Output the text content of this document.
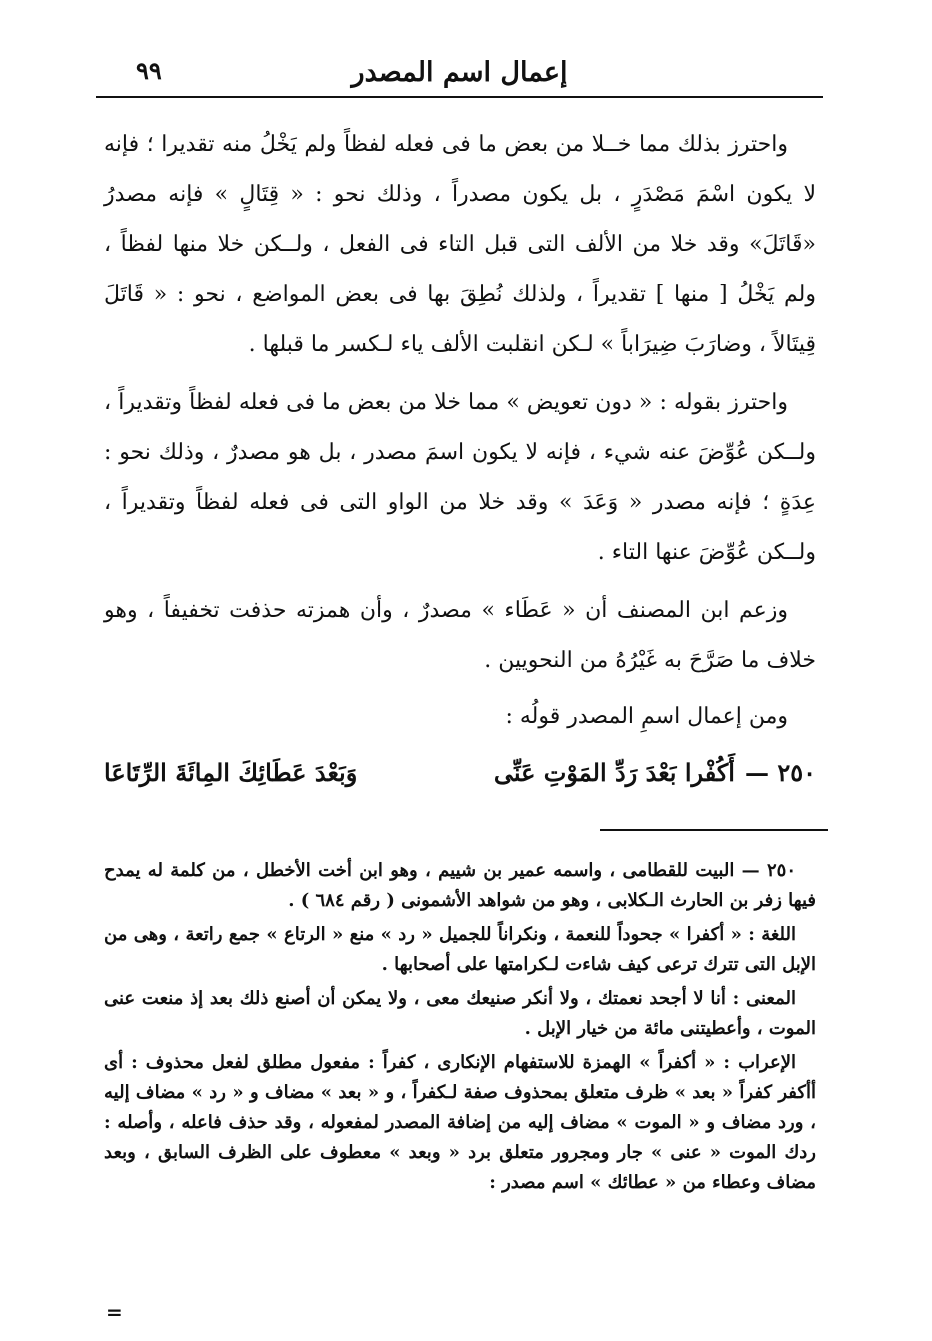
إعمال اسم المصدر
٩٩

واحترز بذلك مما خــلا من بعض ما فى فعله لفظاً ولم يَخْلُ منه تقديرا ؛ فإنه لا يكون اسْمَ مَصْدَرٍ ، بل يكون مصدراً ، وذلك نحو : « قِتَالٍ » فإنه مصدرُ «قَاتَلَ» وقد خلا من الألف التى قبل التاء فى الفعل ، ولــكن خلا منها لفظاً ، ولم يَخْلُ [ منها ] تقديراً ، ولذلك نُطِقَ بها فى بعض المواضع ، نحو : « قَاتَلَ قِيتَالاً ، وضارَبَ ضِيرَاباً » لـكن انقلبت الألف ياء لـكسر ما قبلها .

واحترز بقوله : « دون تعويض » مما خلا من بعض ما فى فعله لفظاً وتقديراً ، ولــكن عُوِّضَ عنه شيء ، فإنه لا يكون اسمَ مصدر ، بل هو مصدرٌ ، وذلك نحو : عِدَةٍ ؛ فإنه مصدر « وَعَدَ » وقد خلا من الواو التى فى فعله لفظاً وتقديراً ، ولــكن عُوِّضَ عنها التاء .

وزعم ابن المصنف أن « عَطَاء » مصدرٌ ، وأن همزته حذفت تخفيفاً ، وهو خلاف ما صَرَّحَ به غَيْرُهُ من النحويين .

ومن إعمال اسمِ المصدر قولُه :

٢٥٠ —
أَكُفْرا بَعْدَ رَدِّ المَوْتِ عَنِّى
وَبَعْدَ عَطَائِكَ المِائَةَ الرِّتَاعَا

٢٥٠ — البيت للقطامى ، واسمه عمير بن شييم ، وهو ابن أخت الأخطل ، من كلمة له يمدح فيها زفر بن الحارث الـكلابى ، وهو من شواهد الأشمونى ( رقم ٦٨٤ ) .

اللغة : « أكفرا » جحوداً للنعمة ، ونكراناً للجميل « رد » منع « الرتاع » جمع راتعة ، وهى من الإبل التى تترك ترعى كيف شاءت لـكرامتها على أصحابها .

المعنى : أنا لا أجحد نعمتك ، ولا أنكر صنيعك معى ، ولا يمكن أن أصنع ذلك بعد إذ منعت عنى الموت ، وأعطيتنى مائة من خيار الإبل .

الإعراب : « أكفراً » الهمزة للاستفهام الإنكارى ، كفراً : مفعول مطلق لفعل محذوف : أى أأكفر كفراً « بعد » ظرف متعلق بمحذوف صفة لـكفراً ، و « بعد » مضاف و « رد » مضاف إليه ، ورد مضاف و « الموت » مضاف إليه من إضافة المصدر لمفعوله ، وقد حذف فاعله ، وأصله : ردك الموت « عنى » جار ومجرور متعلق برد « وبعد » معطوف على الظرف السابق ، وبعد مضاف وعطاء من « عطائك » اسم مصدر :

=
